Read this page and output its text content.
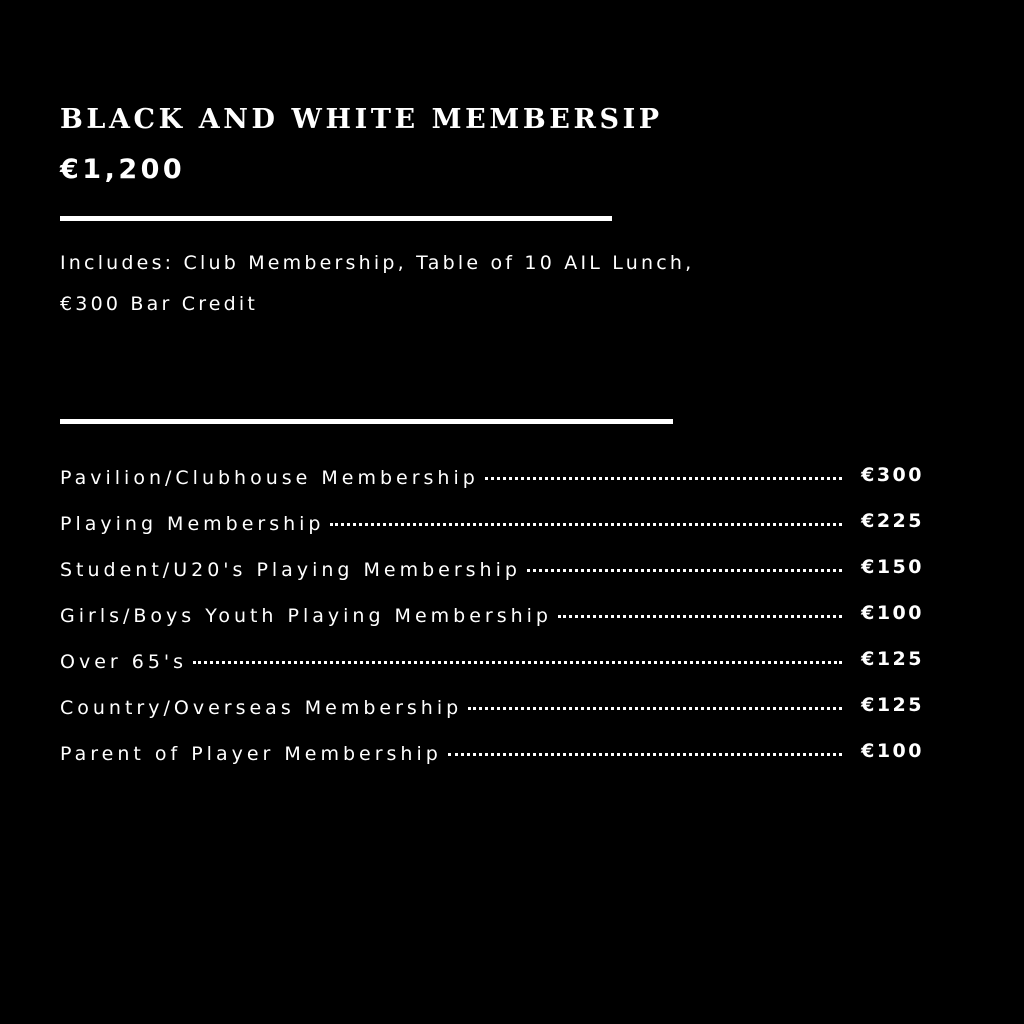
BLACK AND WHITE MEMBERSIP
€1,200
Includes: Club Membership, Table of 10 AIL Lunch, €300 Bar Credit
Pavilion/Clubhouse Membership	€300
Playing Membership	€225
Student/U20's Playing Membership	€150
Girls/Boys Youth Playing Membership	€100
Over 65's	€125
Country/Overseas Membership	€125
Parent of Player Membership	€100
